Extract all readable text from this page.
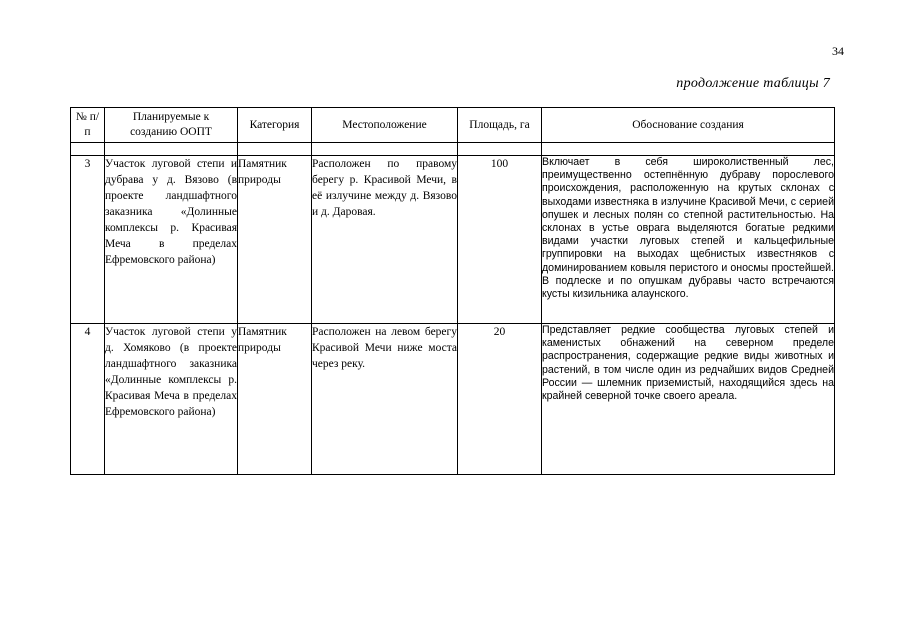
34
продолжение таблицы 7
№ п/п	Планируемые к созданию ООПТ	Категория	Местоположение	Площадь, га	Обоснование создания

3	Участок луговой степи и дубрава у д. Вязово (в проекте ландшафтного заказника «Долинные комплексы р. Красивая Меча в пределах Ефремовского района)	Памятник природы	Расположен по правому берегу р. Красивой Мечи, в её излучине между д. Вязово и д. Даровая.	100	Включает в себя широколиственный лес, преимущественно остепнённую дубраву порослевого происхождения, расположенную на крутых склонах с выходами известняка в излучине Красивой Мечи, с серией опушек и лесных полян со степной растительностью. На склонах в устье оврага выделяются богатые редкими видами участки луговых степей и кальцефильные группировки на выходах щебнистых известняков с доминированием ковыля перистого и оносмы простейшей. В подлеске и по опушкам дубравы часто встречаются кусты кизильника алаунского.
4	Участок луговой степи у д. Хомяково (в проекте ландшафтного заказника «Долинные комплексы р. Красивая Меча в пределах Ефремовского района)	Памятник природы	Расположен на левом берегу Красивой Мечи ниже моста через реку.	20	Представляет редкие сообщества луговых степей и каменистых обнажений на северном пределе распространения, содержащие редкие виды животных и растений, в том числе один из редчайших видов Средней России — шлемник приземистый, находящийся здесь на крайней северной точке своего ареала.
